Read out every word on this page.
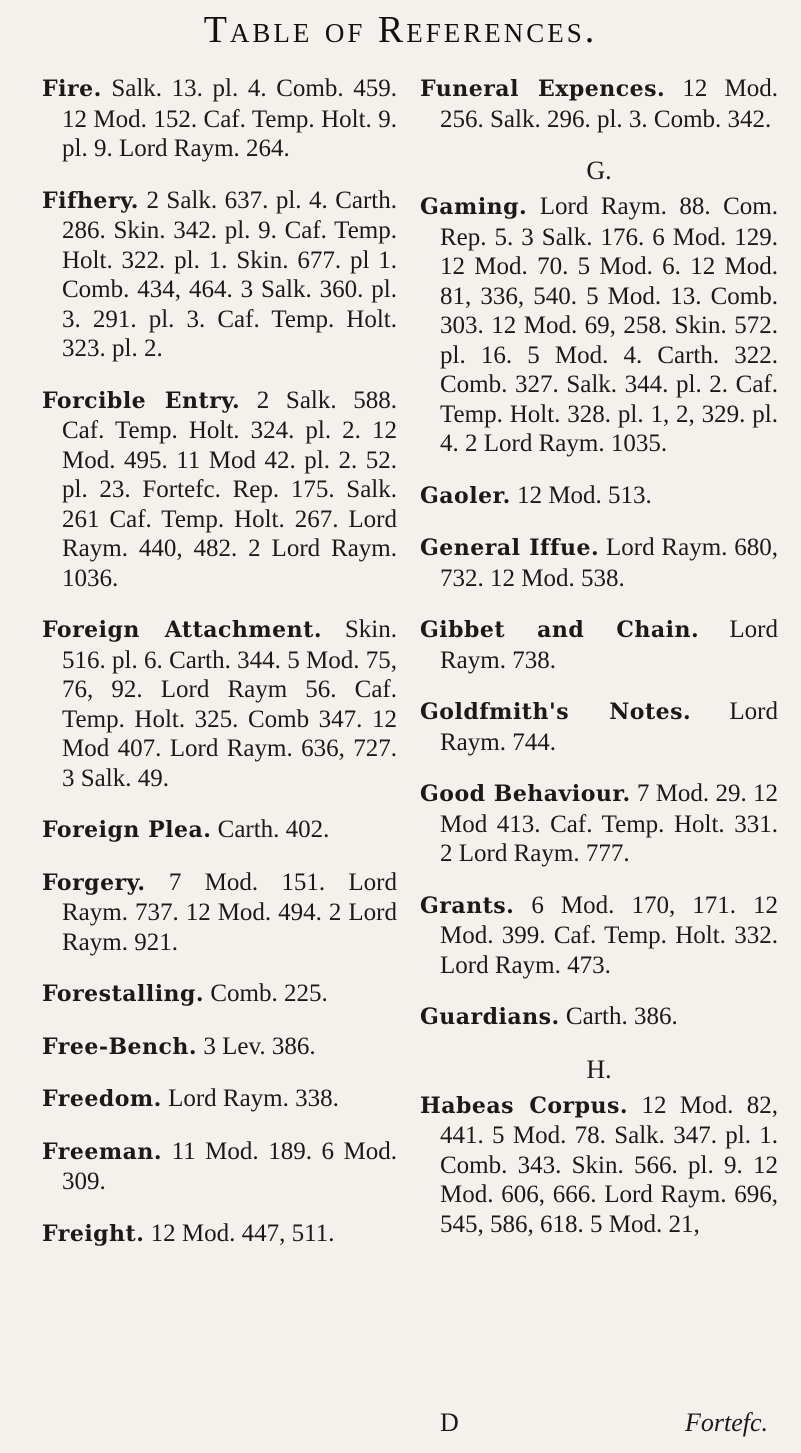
Table of References.

Fire. Salk. 13. pl. 4. Comb. 459. 12 Mod. 152. Caf. Temp. Holt. 9. pl. 9. Lord Raym. 264.

Fifhery. 2 Salk. 637. pl. 4. Carth. 286. Skin. 342. pl. 9. Caf. Temp. Holt. 322. pl. 1. Skin. 677. pl 1. Comb. 434, 464. 3 Salk. 360. pl. 3. 291. pl. 3. Caf. Temp. Holt. 323. pl. 2.

Forcible Entry. 2 Salk. 588. Caf. Temp. Holt. 324. pl. 2. 12 Mod. 495. 11 Mod 42. pl. 2. 52. pl. 23. Fortefc. Rep. 175. Salk. 261 Caf. Temp. Holt. 267. Lord Raym. 440, 482. 2 Lord Raym. 1036.

Foreign Attachment. Skin. 516. pl. 6. Carth. 344. 5 Mod. 75, 76, 92. Lord Raym 56. Caf. Temp. Holt. 325. Comb 347. 12 Mod 407. Lord Raym. 636, 727. 3 Salk. 49.

Foreign Plea. Carth. 402.

Forgery. 7 Mod. 151. Lord Raym. 737. 12 Mod. 494. 2 Lord Raym. 921.

Forestalling. Comb. 225.

Free-Bench. 3 Lev. 386.

Freedom. Lord Raym. 338.

Freeman. 11 Mod. 189. 6 Mod. 309.

Freight. 12 Mod. 447, 511.

Funeral Expences. 12 Mod. 256. Salk. 296. pl. 3. Comb. 342.

G.

Gaming. Lord Raym. 88. Com. Rep. 5. 3 Salk. 176. 6 Mod. 129. 12 Mod. 70. 5 Mod. 6. 12 Mod. 81, 336, 540. 5 Mod. 13. Comb. 303. 12 Mod. 69, 258. Skin. 572. pl. 16. 5 Mod. 4. Carth. 322. Comb. 327. Salk. 344. pl. 2. Caf. Temp. Holt. 328. pl. 1, 2, 329. pl. 4. 2 Lord Raym. 1035.

Gaoler. 12 Mod. 513.

General Iffue. Lord Raym. 680, 732. 12 Mod. 538.

Gibbet and Chain. Lord Raym. 738.

Goldfmith's Notes. Lord Raym. 744.

Good Behaviour. 7 Mod. 29. 12 Mod 413. Caf. Temp. Holt. 331. 2 Lord Raym. 777.

Grants. 6 Mod. 170, 171. 12 Mod. 399. Caf. Temp. Holt. 332. Lord Raym. 473.

Guardians. Carth. 386.

H.

Habeas Corpus. 12 Mod. 82, 441. 5 Mod. 78. Salk. 347. pl. 1. Comb. 343. Skin. 566. pl. 9. 12 Mod. 606, 666. Lord Raym. 696, 545, 586, 618. 5 Mod. 21,

D	Fortefc.
